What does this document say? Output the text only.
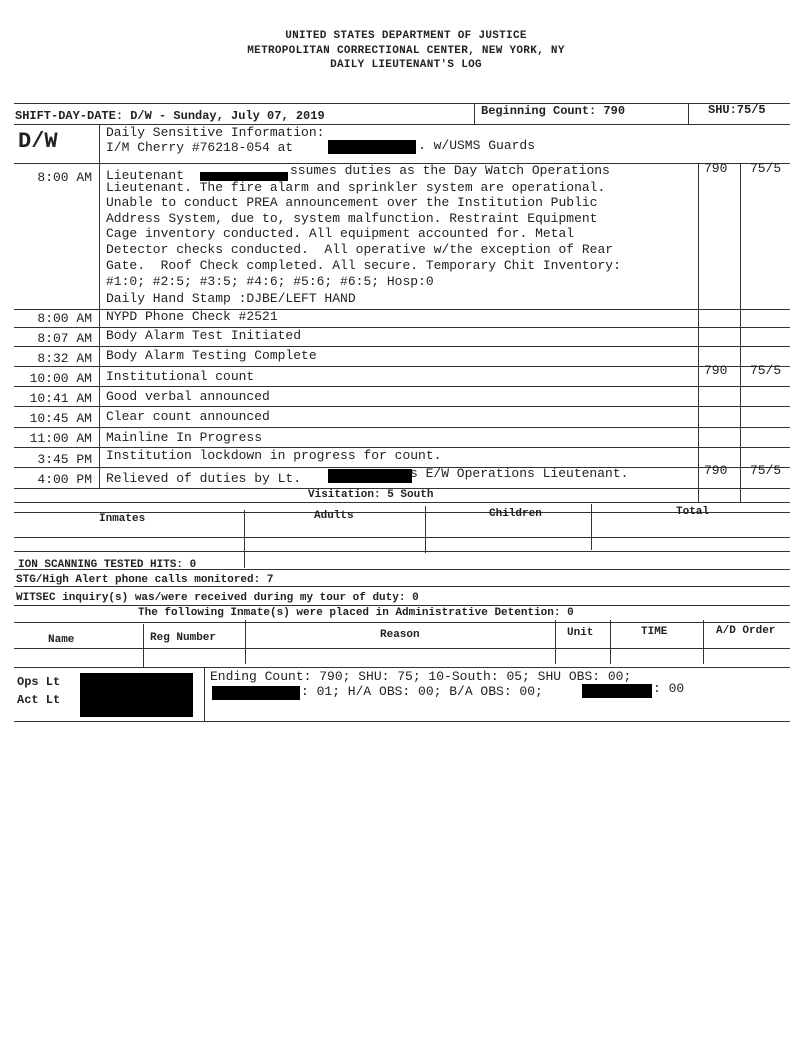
UNITED STATES DEPARTMENT OF JUSTICE
METROPOLITAN CORRECTIONAL CENTER, NEW YORK, NY
DAILY LIEUTENANT'S LOG
SHIFT-DAY-DATE: D/W - Sunday, July 07, 2019	Beginning Count: 790	SHU:75/5
D/W	Daily Sensitive Information:
I/M Cherry #76218-054 at	. w/USMS Guards
8:00 AM Lieutenant	ssumes duties as the Day Watch Operations
Lieutenant. The fire alarm and sprinkler system are operational.
Unable to conduct PREA announcement over the Institution Public
Address System, due to, system malfunction. Restraint Equipment
Cage inventory conducted. All equipment accounted for. Metal
Detector checks conducted.  All operative w/the exception of Rear
Gate.  Roof Check completed. All secure. Temporary Chit Inventory:
#1:0; #2:5; #3:5; #4:6; #5:6; #6:5; Hosp:0
Daily Hand Stamp :DJBE/LEFT HAND
790 75/5
8:00 AM NYPD Phone Check #2521
8:07 AM Body Alarm Test Initiated
8:32 AM Body Alarm Testing Complete
10:00 AM Institutional count	790 75/5
10:41 AM Good verbal announced
10:45 AM Clear count announced
11:00 AM Mainline In Progress
3:45 PM Institution lockdown in progress for count.
4:00 PM Relieved of duties by Lt.	s E/W Operations Lieutenant.	790 75/5
Visitation: 5 South
Inmates	Adults	Children	Total
ION SCANNING TESTED HITS: 0
STG/High Alert phone calls monitored: 7
WITSEC inquiry(s) was/were received during my tour of duty: 0
The following Inmate(s) were placed in Administrative Detention: 0
Name	Reg Number	Reason	Unit	TIME	A/D Order
Ops Lt
Act Lt
Ending Count: 790; SHU: 75; 10-South: 05; SHU OBS: 00;
: 01; H/A OBS: 00; B/A OBS: 00;	: 00
